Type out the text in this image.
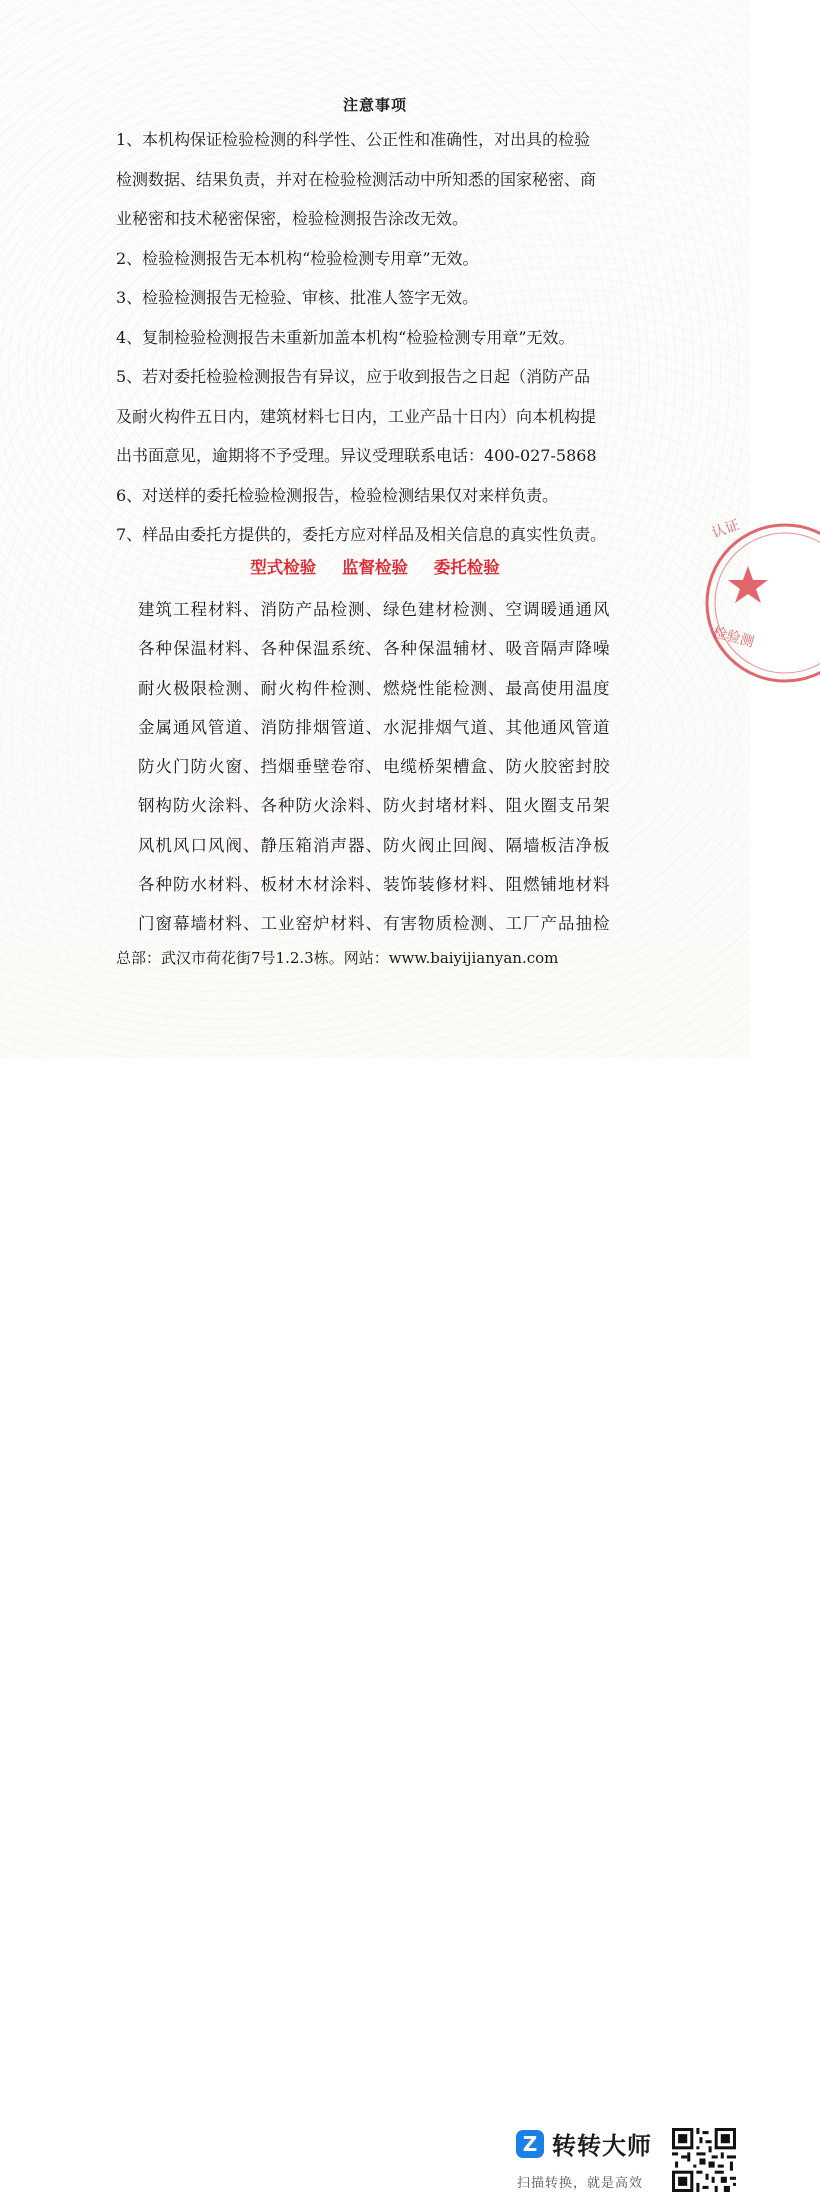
注意事项

1、本机构保证检验检测的科学性、公正性和准确性，对出具的检验

检测数据、结果负责，并对在检验检测活动中所知悉的国家秘密、商

业秘密和技术秘密保密，检验检测报告涂改无效。

2、检验检测报告无本机构“检验检测专用章”无效。

3、检验检测报告无检验、审核、批准人签字无效。

4、复制检验检测报告未重新加盖本机构“检验检测专用章”无效。

5、若对委托检验检测报告有异议，应于收到报告之日起（消防产品

及耐火构件五日内，建筑材料七日内，工业产品十日内）向本机构提

出书面意见，逾期将不予受理。异议受理联系电话：400-027-5868

6、对送样的委托检验检测报告，检验检测结果仅对来样负责。

7、样品由委托方提供的，委托方应对样品及相关信息的真实性负责。

型式检验 监督检验 委托检验
建筑工程材料、消防产品检测、绿色建材检测、空调暖通通风
各种保温材料、各种保温系统、各种保温辅材、吸音隔声降噪
耐火极限检测、耐火构件检测、燃烧性能检测、最高使用温度
金属通风管道、消防排烟管道、水泥排烟气道、其他通风管道
防火门防火窗、挡烟垂壁卷帘、电缆桥架槽盒、防火胶密封胶
钢构防火涂料、各种防火涂料、防火封堵材料、阻火圈支吊架
风机风口风阀、静压箱消声器、防火阀止回阀、隔墙板洁净板
各种防水材料、板材木材涂料、装饰装修材料、阻燃铺地材料
门窗幕墙材料、工业窑炉材料、有害物质检测、工厂产品抽检
总部：武汉市荷花街7号1.2.3栋。网站：www.baiyijianyan.com
认证
检验测
Z 转转大师
扫描转换，就是高效
